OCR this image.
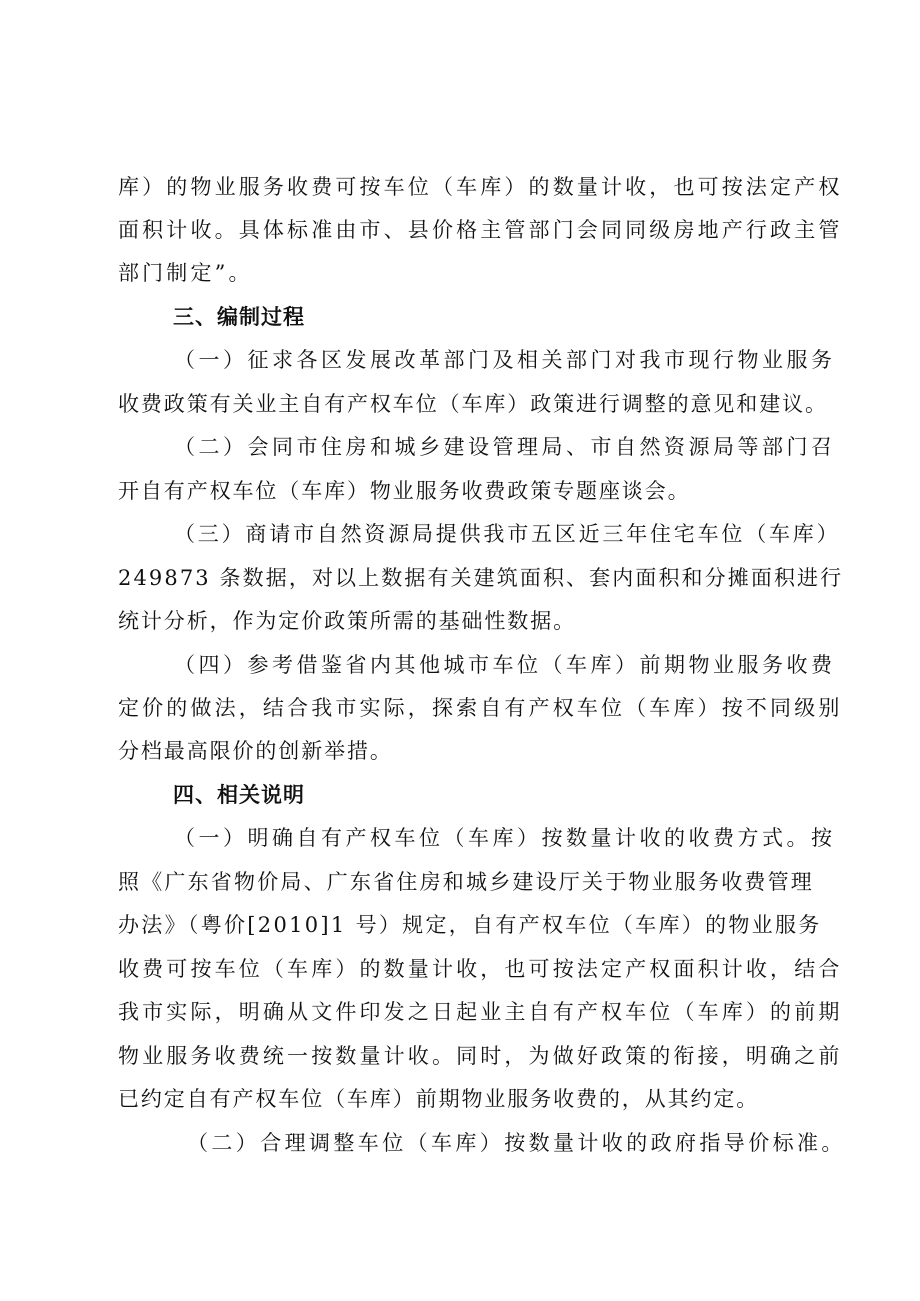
库）的物业服务收费可按车位（车库）的数量计收，也可按法定产权
面积计收。具体标准由市、县价格主管部门会同同级房地产行政主管
部门制定”。
三、编制过程
（一）征求各区发展改革部门及相关部门对我市现行物业服务
收费政策有关业主自有产权车位（车库）政策进行调整的意见和建议。
（二）会同市住房和城乡建设管理局、市自然资源局等部门召
开自有产权车位（车库）物业服务收费政策专题座谈会。
（三）商请市自然资源局提供我市五区近三年住宅车位（车库）
249873 条数据，对以上数据有关建筑面积、套内面积和分摊面积进行
统计分析，作为定价政策所需的基础性数据。
（四）参考借鉴省内其他城市车位（车库）前期物业服务收费
定价的做法，结合我市实际，探索自有产权车位（车库）按不同级别
分档最高限价的创新举措。
四、相关说明
（一）明确自有产权车位（车库）按数量计收的收费方式。按
照《广东省物价局、广东省住房和城乡建设厅关于物业服务收费管理
办法》（粤价[2010]1 号）规定，自有产权车位（车库）的物业服务
收费可按车位（车库）的数量计收，也可按法定产权面积计收，结合
我市实际，明确从文件印发之日起业主自有产权车位（车库）的前期
物业服务收费统一按数量计收。同时，为做好政策的衔接，明确之前
已约定自有产权车位（车库）前期物业服务收费的，从其约定。
（二）合理调整车位（车库）按数量计收的政府指导价标准。
